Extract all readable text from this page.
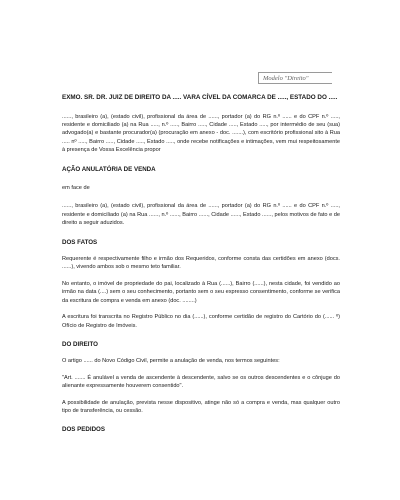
Modelo "Direito"

EXMO. SR. DR. JUIZ DE DIREITO DA ..... VARA CÍVEL DA COMARCA DE ....., ESTADO DO .....

......, brasileiro (a), (estado civil), profissional da área de ......, portador (a) do RG n.º ...... e do CPF n.º ....., residente e domiciliado (a) na Rua ....., n.º ....., Bairro ....., Cidade ....., Estado ....., por intermédio de seu (sua) advogado(a) e bastante procurador(a) (procuração em anexo - doc. .......), com escritório profissional sito à Rua ..... nº ....., Bairro ....., Cidade ....., Estado ....., onde recebe notificações e intimações, vem mui respeitosamente à presença de Vossa Excelência propor

AÇÃO ANULATÓRIA DE VENDA

em face de

......, brasileiro (a), (estado civil), profissional da área de ......, portador (a) do RG n.º ...... e do CPF n.º ....., residente e domiciliado (a) na Rua ......, n.º ......, Bairro ......, Cidade ......, Estado ......, pelos motivos de fato e de direito a seguir aduzidos.

DOS FATOS

Requerente é respectivamente filho e irmão dos Requeridos, conforme consta das certidões em anexo (docs. ......), vivendo ambos sob o mesmo teto familiar.

No entanto, o imóvel de propriedade do pai, localizado à Rua (......), Bairro (......), nesta cidade, foi vendido ao irmão na data (....) sem o seu conhecimento, portanto sem o seu expresso consentimento, conforme se verifica da escritura de compra e venda em anexo (doc. ........)

A escritura foi transcrita no Registro Público no dia (......), conforme certidão de registro do Cartório do (...... º) Ofício de Registro de Imóveis.

DO DIREITO

O artigo ...... do Novo Código Civil, permite a anulação de venda, nos termos seguintes:

"Art. ....... É anulável a venda de ascendente à descendente, salvo se os outros descendentes e o cônjuge do alienante expressamente houverem consentido".

A possibilidade de anulação, prevista nesse dispositivo, atinge não só a compra e venda, mas qualquer outro tipo de transferência, ou cessão.

DOS PEDIDOS
